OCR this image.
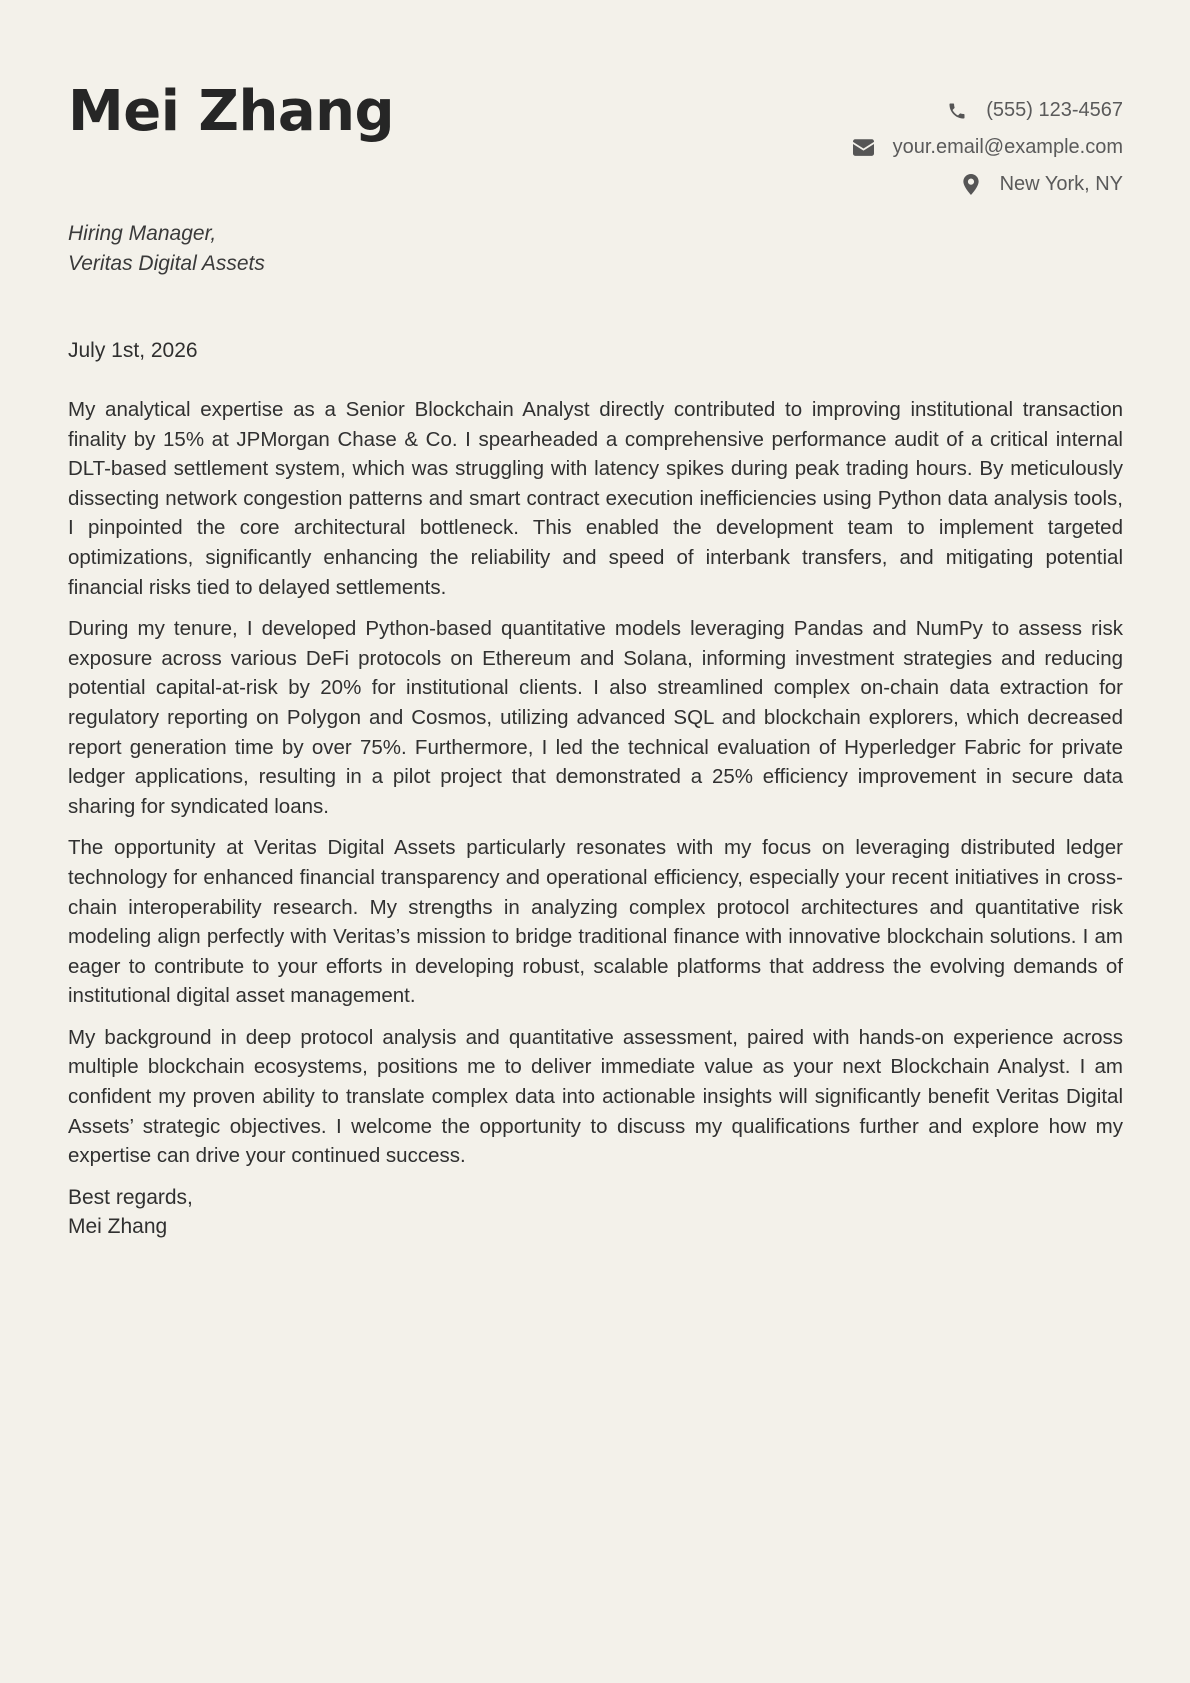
Mei Zhang	(555) 123-4567
your.email@example.com
New York, NY
Hiring Manager,
Veritas Digital Assets
July 1st, 2026

My analytical expertise as a Senior Blockchain Analyst directly contributed to improving institutional transaction finality by 15% at JPMorgan Chase & Co. I spearheaded a comprehensive performance audit of a critical internal DLT-based settlement system, which was struggling with latency spikes during peak trading hours. By meticulously dissecting network congestion patterns and smart contract execution inefficiencies using Python data analysis tools, I pinpointed the core architectural bottleneck. This enabled the development team to implement targeted optimizations, significantly enhancing the reliability and speed of interbank transfers, and mitigating potential financial risks tied to delayed settlements.

During my tenure, I developed Python-based quantitative models leveraging Pandas and NumPy to assess risk exposure across various DeFi protocols on Ethereum and Solana, informing investment strategies and reducing potential capital-at-risk by 20% for institutional clients. I also streamlined complex on-chain data extraction for regulatory reporting on Polygon and Cosmos, utilizing advanced SQL and blockchain explorers, which decreased report generation time by over 75%. Furthermore, I led the technical evaluation of Hyperledger Fabric for private ledger applications, resulting in a pilot project that demonstrated a 25% efficiency improvement in secure data sharing for syndicated loans.

The opportunity at Veritas Digital Assets particularly resonates with my focus on leveraging distributed ledger technology for enhanced financial transparency and operational efficiency, especially your recent initiatives in cross-chain interoperability research. My strengths in analyzing complex protocol architectures and quantitative risk modeling align perfectly with Veritas’s mission to bridge traditional finance with innovative blockchain solutions. I am eager to contribute to your efforts in developing robust, scalable platforms that address the evolving demands of institutional digital asset management.

My background in deep protocol analysis and quantitative assessment, paired with hands-on experience across multiple blockchain ecosystems, positions me to deliver immediate value as your next Blockchain Analyst. I am confident my proven ability to translate complex data into actionable insights will significantly benefit Veritas Digital Assets’ strategic objectives. I welcome the opportunity to discuss my qualifications further and explore how my expertise can drive your continued success.

Best regards,
Mei Zhang
